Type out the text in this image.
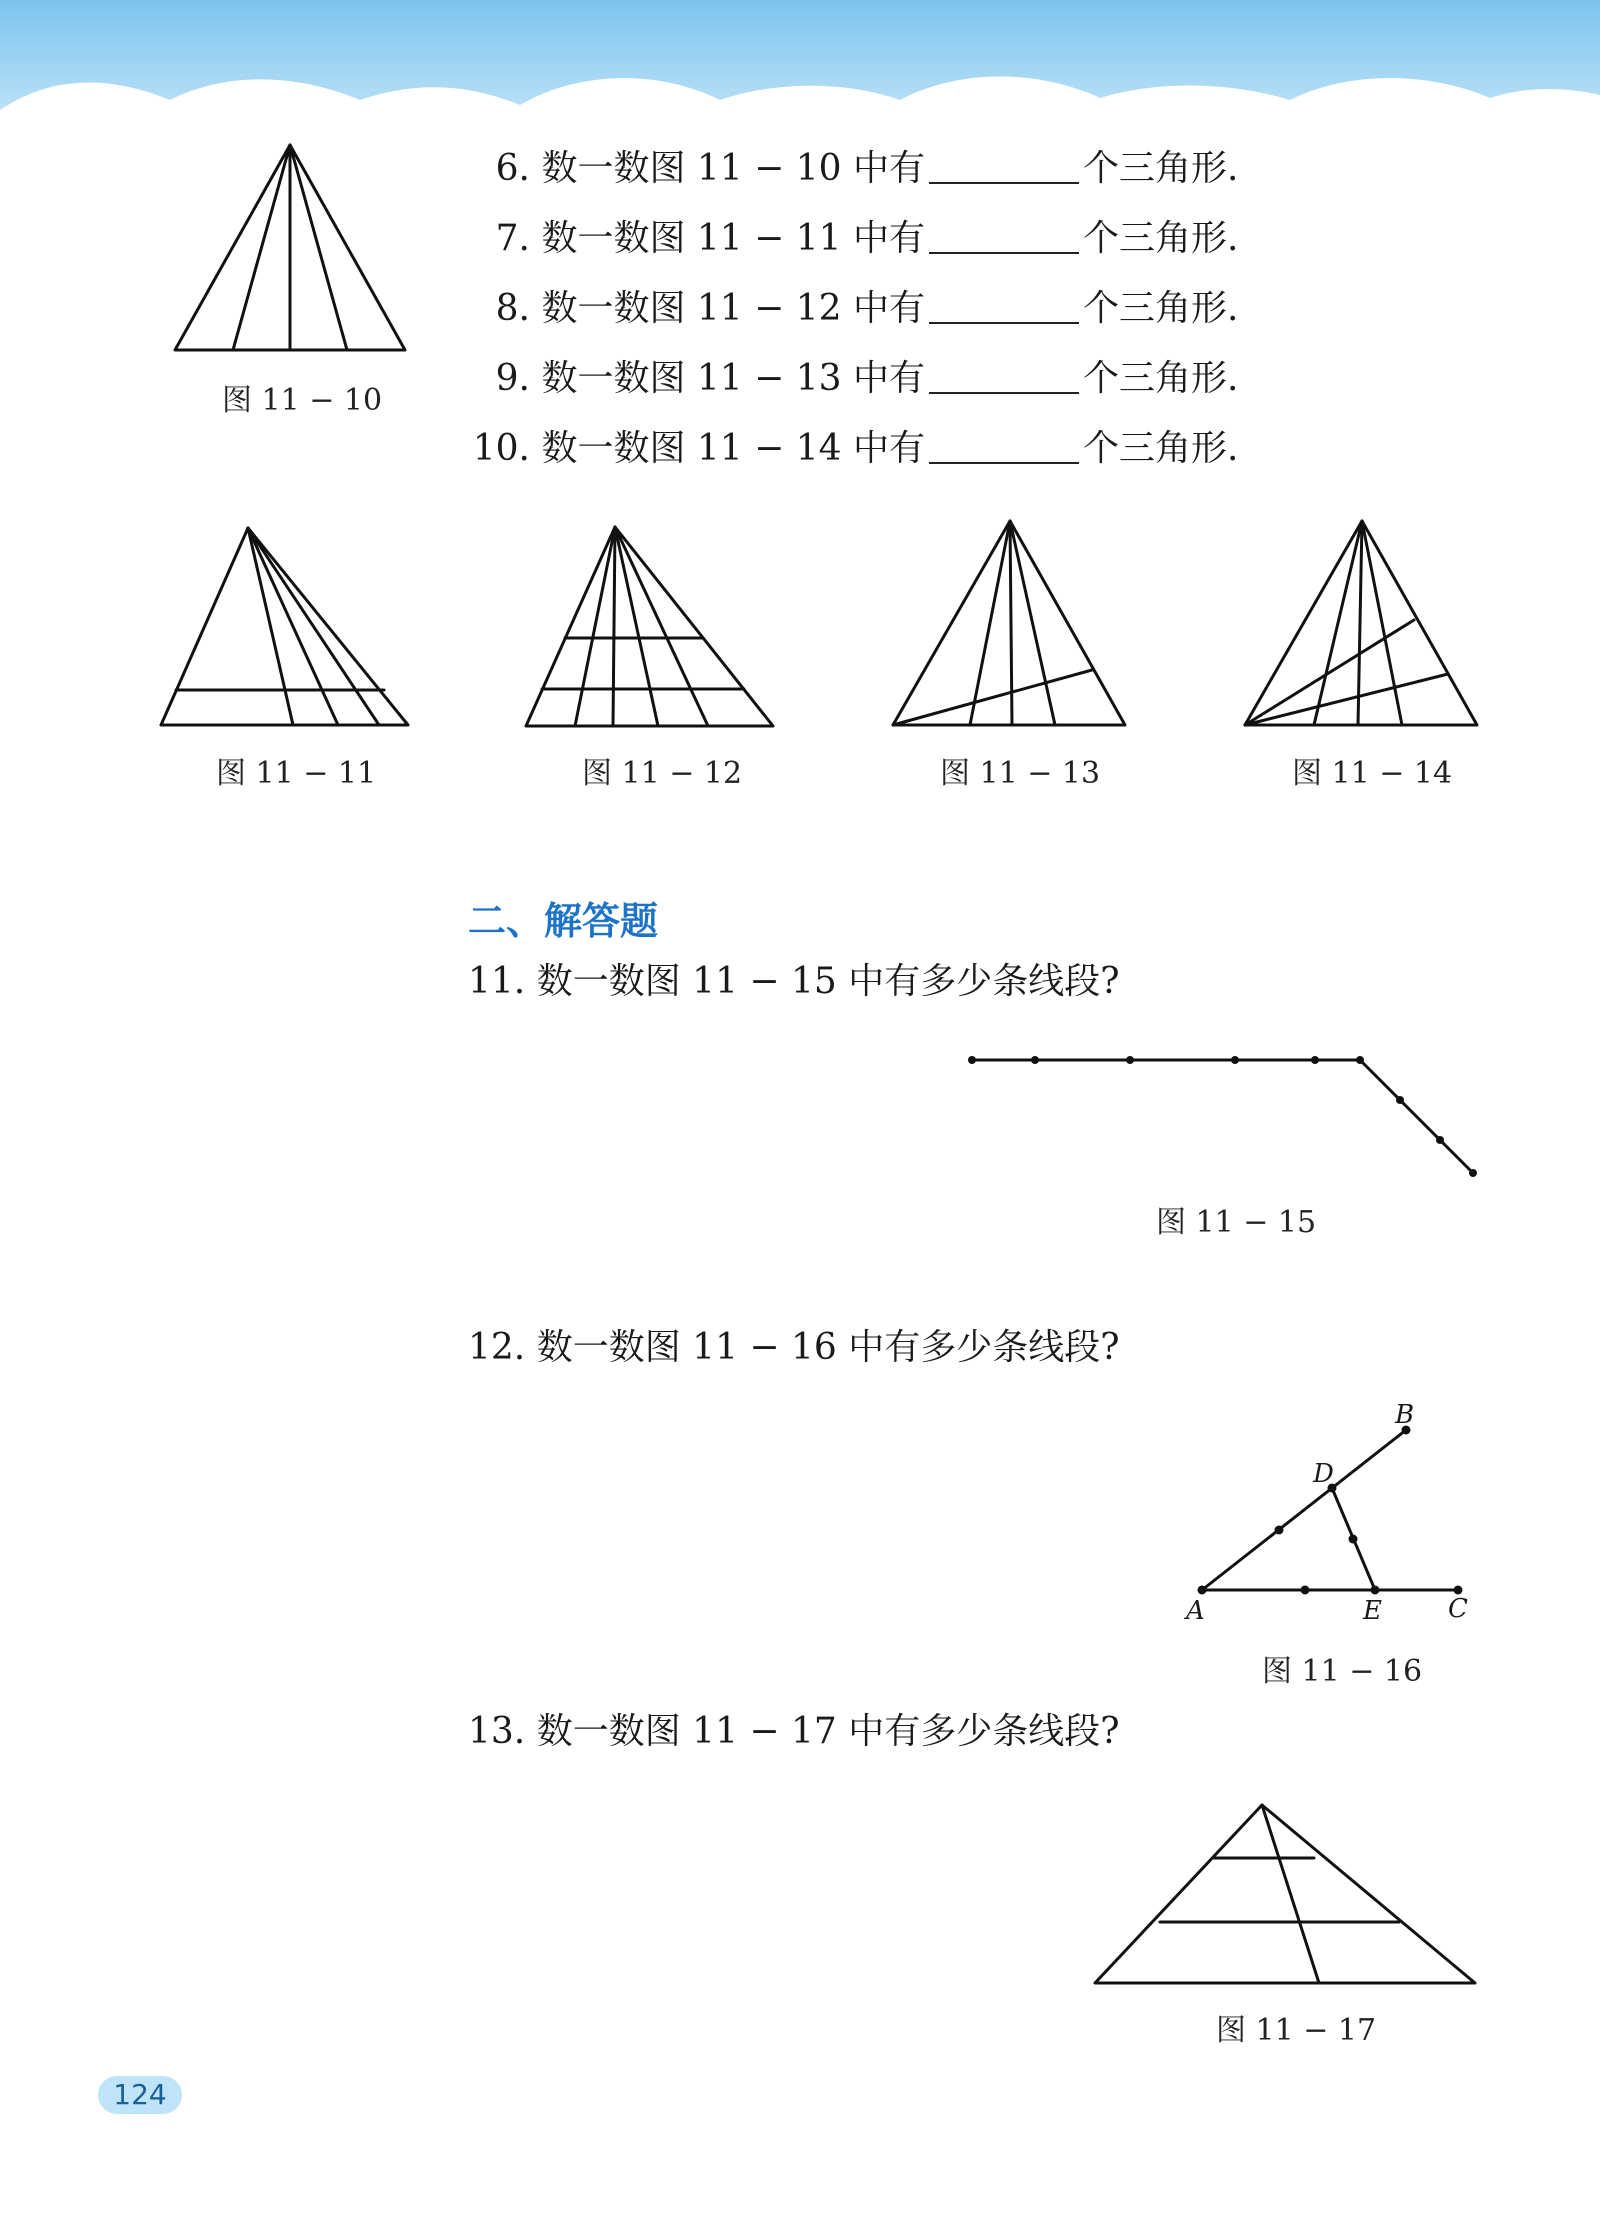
6. 数一数图 11 − 10 中有	个三角形.
7. 数一数图 11 − 11 中有	个三角形.
8. 数一数图 11 − 12 中有	个三角形.
9. 数一数图 11 − 13 中有	个三角形.
10. 数一数图 11 − 14 中有	个三角形.
图 11 − 10
图 11 − 11	图 11 − 12	图 11 − 13	图 11 − 14
二、解答题
11. 数一数图 11 − 15 中有多少条线段?
图 11 − 15
12. 数一数图 11 − 16 中有多少条线段?
A
B
C
D
E
图 11 − 16
13. 数一数图 11 − 17 中有多少条线段?
图 11 − 17
124
